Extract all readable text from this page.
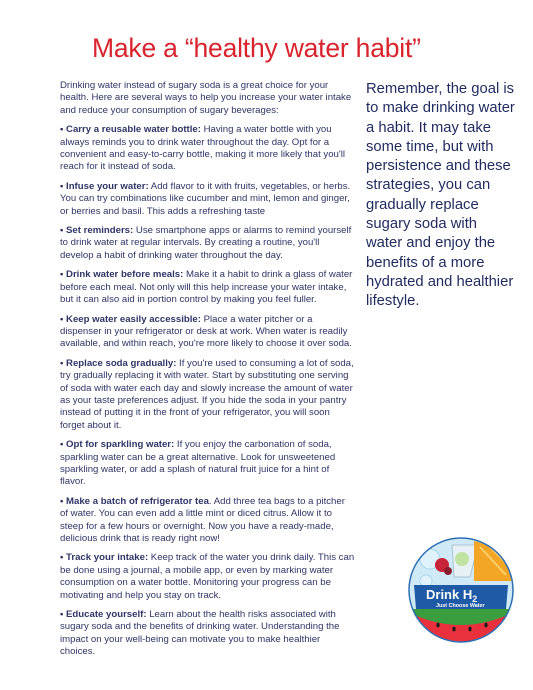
Make a “healthy water habit”

Drinking water instead of sugary soda is a great choice for your health. Here are several ways to help you increase your water intake and reduce your consumption of sugary beverages:

• Carry a reusable water bottle: Having a water bottle with you always reminds you to drink water throughout the day. Opt for a convenient and easy-to-carry bottle, making it more likely that you'll reach for it instead of soda.

• Infuse your water: Add flavor to it with fruits, vegetables, or herbs. You can try combinations like cucumber and mint, lemon and ginger, or berries and basil. This adds a refreshing taste

• Set reminders: Use smartphone apps or alarms to remind yourself to drink water at regular intervals. By creating a routine, you'll develop a habit of drinking water throughout the day.

• Drink water before meals: Make it a habit to drink a glass of water before each meal. Not only will this help increase your water intake, but it can also aid in portion control by making you feel fuller.

• Keep water easily accessible: Place a water pitcher or a dispenser in your refrigerator or desk at work. When water is readily available, and within reach, you're more likely to choose it over soda.

• Replace soda gradually: If you're used to consuming a lot of soda, try gradually replacing it with water. Start by substituting one serving of soda with water each day and slowly increase the amount of water as your taste preferences adjust. If you hide the soda in your pantry instead of putting it in the front of your refrigerator, you will soon forget about it.

• Opt for sparkling water: If you enjoy the carbonation of soda, sparkling water can be a great alternative. Look for unsweetened sparkling water, or add a splash of natural fruit juice for a hint of flavor.

• Make a batch of refrigerator tea. Add three tea bags to a pitcher of water. You can even add a little mint or diced citrus. Allow it to steep for a few hours or overnight. Now you have a ready-made, delicious drink that is ready right now!

• Track your intake: Keep track of the water you drink daily. This can be done using a journal, a mobile app, or even by marking water consumption on a water bottle. Monitoring your progress can be motivating and help you stay on track.

• Educate yourself: Learn about the health risks associated with sugary soda and the benefits of drinking water. Understanding the impact on your well-being can motivate you to make healthier choices.

Remember, the goal is to make drinking water a habit. It may take some time, but with persistence and these strategies, you can gradually replace sugary soda with water and enjoy the benefits of a more hydrated and healthier lifestyle.
Drink $H_2$
Just Choose Water
